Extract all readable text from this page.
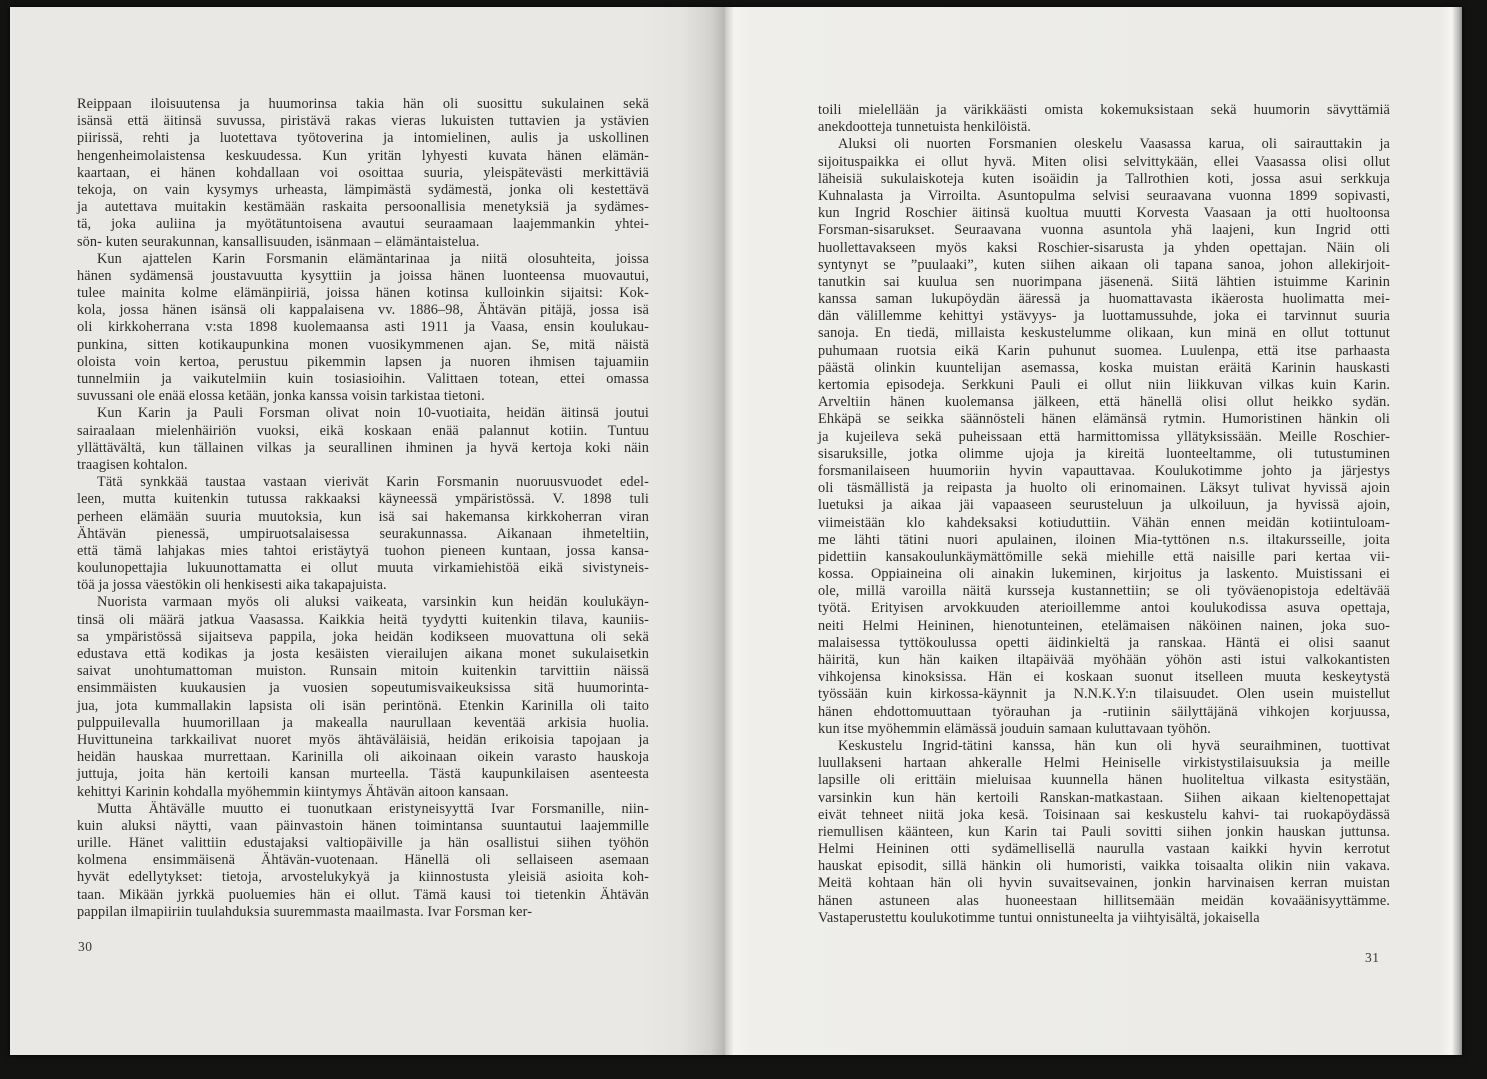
Reippaan iloisuutensa ja huumorinsa takia hän oli suosittu sukulainen sekä
isänsä että äitinsä suvussa, piristävä rakas vieras lukuisten tuttavien ja ystävien
piirissä, rehti ja luotettava työtoverina ja intomielinen, aulis ja uskollinen
hengenheimolaistensa keskuudessa. Kun yritän lyhyesti kuvata hänen elämän-
kaartaan, ei hänen kohdallaan voi osoittaa suuria, yleispätevästi merkittäviä
tekoja, on vain kysymys urheasta, lämpimästä sydämestä, jonka oli kestettävä
ja autettava muitakin kestämään raskaita persoonallisia menetyksiä ja sydämes-
tä, joka auliina ja myötätuntoisena avautui seuraamaan laajemmankin yhtei-
sön- kuten seurakunnan, kansallisuuden, isänmaan – elämäntaistelua.
Kun ajattelen Karin Forsmanin elämäntarinaa ja niitä olosuhteita, joissa
hänen sydämensä joustavuutta kysyttiin ja joissa hänen luonteensa muovautui,
tulee mainita kolme elämänpiiriä, joissa hänen kotinsa kulloinkin sijaitsi: Kok-
kola, jossa hänen isänsä oli kappalaisena vv. 1886–98, Ähtävän pitäjä, jossa isä
oli kirkkoherrana v:sta 1898 kuolemaansa asti 1911 ja Vaasa, ensin koulukau-
punkina, sitten kotikaupunkina monen vuosikymmenen ajan. Se, mitä näistä
oloista voin kertoa, perustuu pikemmin lapsen ja nuoren ihmisen tajuamiin
tunnelmiin ja vaikutelmiin kuin tosiasioihin. Valittaen totean, ettei omassa
suvussani ole enää elossa ketään, jonka kanssa voisin tarkistaa tietoni.
Kun Karin ja Pauli Forsman olivat noin 10-vuotiaita, heidän äitinsä joutui
sairaalaan mielenhäiriön vuoksi, eikä koskaan enää palannut kotiin. Tuntuu
yllättävältä, kun tällainen vilkas ja seurallinen ihminen ja hyvä kertoja koki näin
traagisen kohtalon.
Tätä synkkää taustaa vastaan vierivät Karin Forsmanin nuoruusvuodet edel-
leen, mutta kuitenkin tutussa rakkaaksi käyneessä ympäristössä. V. 1898 tuli
perheen elämään suuria muutoksia, kun isä sai hakemansa kirkkoherran viran
Ähtävän pienessä, umpiruotsalaisessa seurakunnassa. Aikanaan ihmeteltiin,
että tämä lahjakas mies tahtoi eristäytyä tuohon pieneen kuntaan, jossa kansa-
koulunopettajia lukuunottamatta ei ollut muuta virkamiehistöä eikä sivistyneis-
töä ja jossa väestökin oli henkisesti aika takapajuista.
Nuorista varmaan myös oli aluksi vaikeata, varsinkin kun heidän koulukäyn-
tinsä oli määrä jatkua Vaasassa. Kaikkia heitä tyydytti kuitenkin tilava, kauniis-
sa ympäristössä sijaitseva pappila, joka heidän kodikseen muovattuna oli sekä
edustava että kodikas ja josta kesäisten vierailujen aikana monet sukulaisetkin
saivat unohtumattoman muiston. Runsain mitoin kuitenkin tarvittiin näissä
ensimmäisten kuukausien ja vuosien sopeutumisvaikeuksissa sitä huumorinta-
jua, jota kummallakin lapsista oli isän perintönä. Etenkin Karinilla oli taito
pulppuilevalla huumorillaan ja makealla naurullaan keventää arkisia huolia.
Huvittuneina tarkkailivat nuoret myös ähtäväläisiä, heidän erikoisia tapojaan ja
heidän hauskaa murrettaan. Karinilla oli aikoinaan oikein varasto hauskoja
juttuja, joita hän kertoili kansan murteella. Tästä kaupunkilaisen asenteesta
kehittyi Karinin kohdalla myöhemmin kiintymys Ähtävän aitoon kansaan.
Mutta Ähtävälle muutto ei tuonutkaan eristyneisyyttä Ivar Forsmanille, niin-
kuin aluksi näytti, vaan päinvastoin hänen toimintansa suuntautui laajemmille
urille. Hänet valittiin edustajaksi valtiopäiville ja hän osallistui siihen työhön
kolmena ensimmäisenä Ähtävän-vuotenaan. Hänellä oli sellaiseen asemaan
hyvät edellytykset: tietoja, arvostelukykyä ja kiinnostusta yleisiä asioita koh-
taan. Mikään jyrkkä puoluemies hän ei ollut. Tämä kausi toi tietenkin Ähtävän
pappilan ilmapiiriin tuulahduksia suuremmasta maailmasta. Ivar Forsman ker-
30
toili mielellään ja värikkäästi omista kokemuksistaan sekä huumorin sävyttämiä
anekdootteja tunnetuista henkilöistä.
Aluksi oli nuorten Forsmanien oleskelu Vaasassa karua, oli sairauttakin ja
sijoituspaikka ei ollut hyvä. Miten olisi selvittykään, ellei Vaasassa olisi ollut
läheisiä sukulaiskoteja kuten isoäidin ja Tallrothien koti, jossa asui serkkuja
Kuhnalasta ja Virroilta. Asuntopulma selvisi seuraavana vuonna 1899 sopivasti,
kun Ingrid Roschier äitinsä kuoltua muutti Korvesta Vaasaan ja otti huoltoonsa
Forsman-sisarukset. Seuraavana vuonna asuntola yhä laajeni, kun Ingrid otti
huollettavakseen myös kaksi Roschier-sisarusta ja yhden opettajan. Näin oli
syntynyt se ”puulaaki”, kuten siihen aikaan oli tapana sanoa, johon allekirjoit-
tanutkin sai kuulua sen nuorimpana jäsenenä. Siitä lähtien istuimme Karinin
kanssa saman lukupöydän ääressä ja huomattavasta ikäerosta huolimatta mei-
dän välillemme kehittyi ystävyys- ja luottamussuhde, joka ei tarvinnut suuria
sanoja. En tiedä, millaista keskustelumme olikaan, kun minä en ollut tottunut
puhumaan ruotsia eikä Karin puhunut suomea. Luulenpa, että itse parhaasta
päästä olinkin kuuntelijan asemassa, koska muistan eräitä Karinin hauskasti
kertomia episodeja. Serkkuni Pauli ei ollut niin liikkuvan vilkas kuin Karin.
Arveltiin hänen kuolemansa jälkeen, että hänellä olisi ollut heikko sydän.
Ehkäpä se seikka säännösteli hänen elämänsä rytmin. Humoristinen hänkin oli
ja kujeileva sekä puheissaan että harmittomissa yllätyksissään. Meille Roschier-
sisaruksille, jotka olimme ujoja ja kireitä luonteeltamme, oli tutustuminen
forsmanilaiseen huumoriin hyvin vapauttavaa. Koulukotimme johto ja järjestys
oli täsmällistä ja reipasta ja huolto oli erinomainen. Läksyt tulivat hyvissä ajoin
luetuksi ja aikaa jäi vapaaseen seurusteluun ja ulkoiluun, ja hyvissä ajoin,
viimeistään klo kahdeksaksi kotiuduttiin. Vähän ennen meidän kotiintuloam-
me lähti tätini nuori apulainen, iloinen Mia-tyttönen n.s. iltakursseille, joita
pidettiin kansakoulunkäymättömille sekä miehille että naisille pari kertaa vii-
kossa. Oppiaineina oli ainakin lukeminen, kirjoitus ja laskento. Muistissani ei
ole, millä varoilla näitä kursseja kustannettiin; se oli työväenopistoja edeltävää
työtä. Erityisen arvokkuuden aterioillemme antoi koulukodissa asuva opettaja,
neiti Helmi Heininen, hienotunteinen, etelämaisen näköinen nainen, joka suo-
malaisessa tyttökoulussa opetti äidinkieltä ja ranskaa. Häntä ei olisi saanut
häiritä, kun hän kaiken iltapäivää myöhään yöhön asti istui valkokantisten
vihkojensa kinoksissa. Hän ei koskaan suonut itselleen muuta keskeytystä
työssään kuin kirkossa-käynnit ja N.N.K.Y:n tilaisuudet. Olen usein muistellut
hänen ehdottomuuttaan työrauhan ja -rutiinin säilyttäjänä vihkojen korjuussa,
kun itse myöhemmin elämässä jouduin samaan kuluttavaan työhön.
Keskustelu Ingrid-tätini kanssa, hän kun oli hyvä seuraihminen, tuottivat
luullakseni hartaan ahkeralle Helmi Heiniselle virkistystilaisuuksia ja meille
lapsille oli erittäin mieluisaa kuunnella hänen huoliteltua vilkasta esitystään,
varsinkin kun hän kertoili Ranskan-matkastaan. Siihen aikaan kieltenopettajat
eivät tehneet niitä joka kesä. Toisinaan sai keskustelu kahvi- tai ruokapöydässä
riemullisen käänteen, kun Karin tai Pauli sovitti siihen jonkin hauskan juttunsa.
Helmi Heininen otti sydämellisellä naurulla vastaan kaikki hyvin kerrotut
hauskat episodit, sillä hänkin oli humoristi, vaikka toisaalta olikin niin vakava.
Meitä kohtaan hän oli hyvin suvaitsevainen, jonkin harvinaisen kerran muistan
hänen astuneen alas huoneestaan hillitsemään meidän kovaäänisyyttämme.
Vastaperustettu koulukotimme tuntui onnistuneelta ja viihtyisältä, jokaisella
31
